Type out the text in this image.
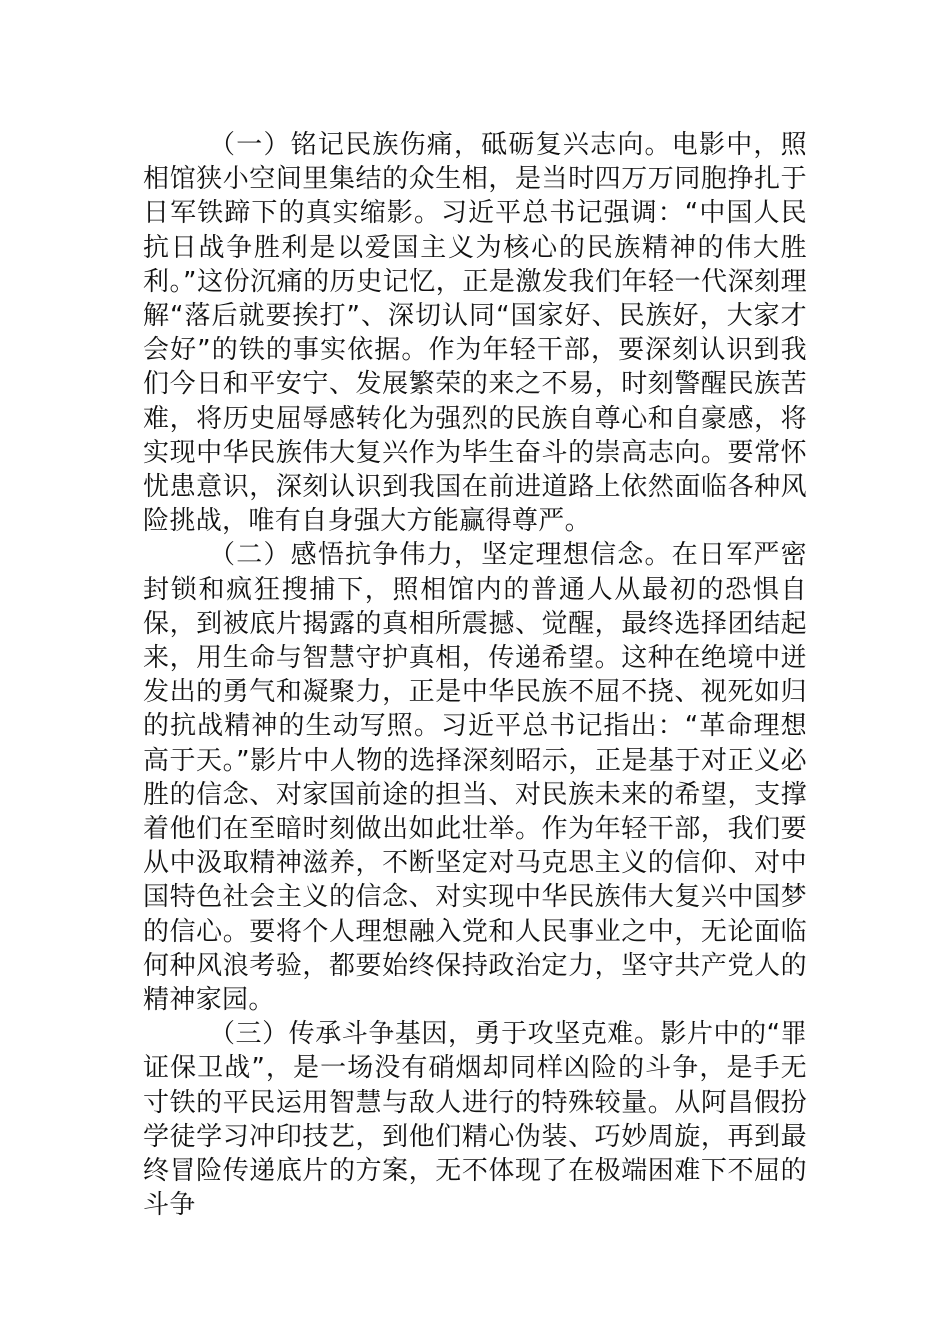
（一）铭记民族伤痛，砥砺复兴志向。电影中，照相馆狭小空间里集结的众生相，是当时四万万同胞挣扎于日军铁蹄下的真实缩影。习近平总书记强调：“中国人民抗日战争胜利是以爱国主义为核心的民族精神的伟大胜利。”这份沉痛的历史记忆，正是激发我们年轻一代深刻理解“落后就要挨打”、深切认同“国家好、民族好，大家才会好”的铁的事实依据。作为年轻干部，要深刻认识到我们今日和平安宁、发展繁荣的来之不易，时刻警醒民族苦难，将历史屈辱感转化为强烈的民族自尊心和自豪感，将实现中华民族伟大复兴作为毕生奋斗的崇高志向。要常怀忧患意识，深刻认识到我国在前进道路上依然面临各种风险挑战，唯有自身强大方能赢得尊严。

（二）感悟抗争伟力，坚定理想信念。在日军严密封锁和疯狂搜捕下，照相馆内的普通人从最初的恐惧自保，到被底片揭露的真相所震撼、觉醒，最终选择团结起来，用生命与智慧守护真相，传递希望。这种在绝境中迸发出的勇气和凝聚力，正是中华民族不屈不挠、视死如归的抗战精神的生动写照。习近平总书记指出：“革命理想高于天。”影片中人物的选择深刻昭示，正是基于对正义必胜的信念、对家国前途的担当、对民族未来的希望，支撑着他们在至暗时刻做出如此壮举。作为年轻干部，我们要从中汲取精神滋养，不断坚定对马克思主义的信仰、对中国特色社会主义的信念、对实现中华民族伟大复兴中国梦的信心。要将个人理想融入党和人民事业之中，无论面临何种风浪考验，都要始终保持政治定力，坚守共产党人的精神家园。

（三）传承斗争基因，勇于攻坚克难。影片中的“罪证保卫战”，是一场没有硝烟却同样凶险的斗争，是手无寸铁的平民运用智慧与敌人进行的特殊较量。从阿昌假扮学徒学习冲印技艺，到他们精心伪装、巧妙周旋，再到最终冒险传递底片的方案，无不体现了在极端困难下不屈的斗争
